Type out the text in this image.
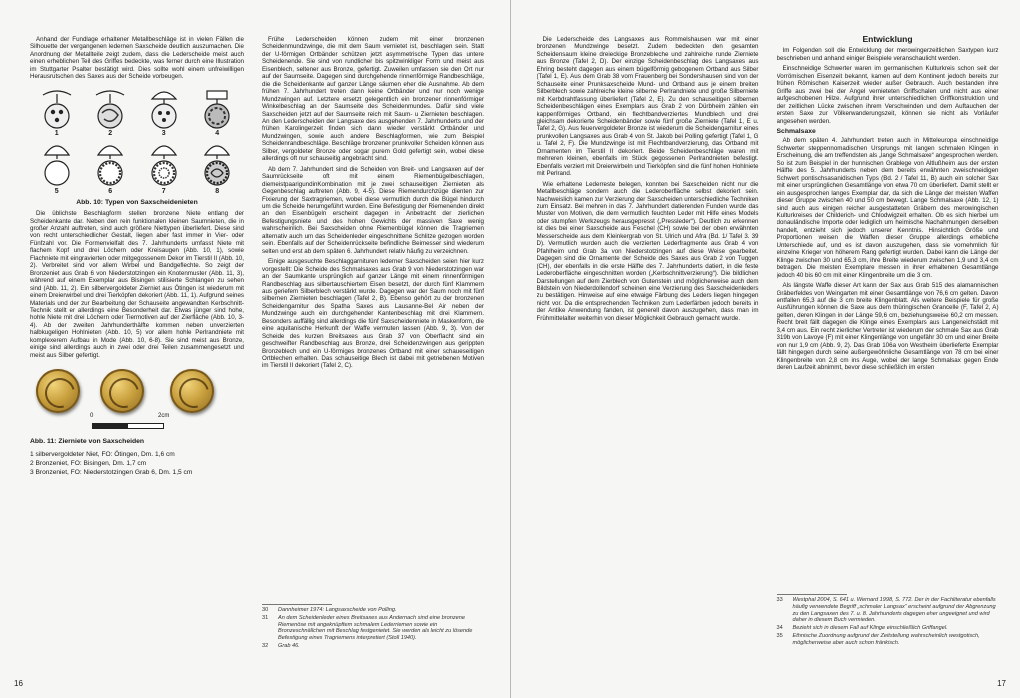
Anhand der Fundlage erhaltener Metallbeschläge ist in vielen Fällen die Silhouette der vergangenen ledernen Saxscheide deutlich auszumachen. Die Anordnung der Metallteile zeigt zudem, dass die Lederscheide meist auch einen erheblichen Teil des Griffes bedeckte, was ferner durch eine Illustration im Stuttgarter Psalter bestätigt wird. Dies sollte wohl einem unfreiwilligen Herausrutschen des Saxes aus der Scheide vorbeugen.

1	2	3	4
5	6	7	8
Abb. 10: Typen von Saxscheidenieten

Die üblichste Beschlagform stellen bronzene Niete entlang der Scheidenkante dar. Neben den rein funktionalen kleinen Saumnieten, die in großer Anzahl auftreten, sind auch größere Niettypen überliefert. Diese sind von recht unterschiedlicher Gestalt, liegen aber fast immer in Vier- oder Fünfzahl vor. Die Formenvielfalt des 7. Jahrhunderts umfasst Niete mit flachem Kopf und drei Löchern oder Kreisaugen (Abb. 10, 1), sowie Flachniete mit eingravierten oder mitgegossenem Dekor im Tierstil II (Abb. 10, 2). Verbreitet sind vor allem Wirbel und Bandgeflechte. So zeigt der Bronzeniet aus Grab 6 von Niederstotzingen ein Knotenmuster (Abb. 11, 3), während auf einem Exemplar aus Bisingen stilisierte Schlangen zu sehen sind (Abb. 11, 2). Ein silbervergoldeter Zierniet aus Ötingen ist wiederum mit einem Dreierwirbel und drei Tierköpfen dekoriert (Abb. 11, 1). Aufgrund seines Materials und der zur Bearbeitung der Schauseite angewandten Kerbschnitt-Technik stellt er allerdings eine Besonderheit dar. Etwas jünger sind hohe, hohle Niete mit drei Löchern oder Tiermotiven auf der Zierfläche (Abb. 10, 3-4). Ab der zweiten Jahrhunderthälfte kommen neben unverzierten halbkugeligen Hohlnieten (Abb. 10, 5) vor allem hohle Perlrandniete mit komplexerem Aufbau in Mode (Abb. 10, 6-8). Sie sind meist aus Bronze, einige sind allerdings auch in zwei oder drei Teilen zusammengesetzt und meist aus Silber gefertigt.

0	2cm
Abb. 11: Zierniete von Saxscheiden
1 silbervergoldeter Niet, FO: Ötingen, Dm. 1,6 cm
2 Bronzeniet, FO: Bisingen, Dm. 1,7 cm
3 Bronzeniet, FO: Niederstotzingen Grab 6, Dm. 1,5 cm

Frühe Lederscheiden können zudem mit einer bronzenen Scheidenmundzwinge, die mit dem Saum vernietet ist, beschlagen sein. Statt der U-förmigen Ortbänder schützen jetzt asymmetrische Typen das untere Scheidenende. Sie sind von rundlicher bis spitzwinkliger Form und meist aus Eisenblech, seltener aus Bronze, gefertigt. Zuweilen umfassen sie den Ort nur auf der Saumseite. Dagegen sind durchgehende rinnenförmige Randbeschläge, die die Scheidenkante auf ganzer Länge säumen eher die Ausnahme. Ab dem frühen 7. Jahrhundert treten dann keine Ortbänder und nur noch wenige Mundzwingen auf. Letztere ersetzt gelegentlich ein bronzener rinnenförmiger Winkelbeschlag an der Saumseite des Scheidenmundes. Dafür sind viele Saxscheiden jetzt auf der Saumseite reich mit Saum- u Ziernieten beschlagen. An den Lederscheiden der Langsaxe des ausgehenden 7. Jahrhunderts und der frühen Karolingerzeit finden sich dann wieder verstärkt Ortbänder und Mundzwingen, sowie auch andere Beschlagformen, wie zum Beispiel Scheidenrandbeschläge. Beschläge bronzener prunkvoller Scheiden können aus Silber, vergoldeter Bronze oder sogar purem Gold gefertigt sein, wobei diese allerdings oft nur schauseitig angebracht sind.

Ab dem 7. Jahrhundert sind die Scheiden von Breit- und Langsaxen auf der Saumrückseite oft mit einem Riemenbügelbeschlagen, diemeistpaarigundinKombination mit je zwei schauseitigen Ziernieten als Gegenbeschlag auftreten (Abb. 9, 4-5). Diese Riemendurchzüge dienten zur Fixierung der Saxtragriemen, wobei diese vermutlich durch die Bügel hindurch um die Scheide herumgeführt wurden. Eine Befestigung der Riemenenden direkt an den Eisenbügeln erscheint dagegen in Anbetracht der zierlichen Befestigungsniete und des hohen Gewichts der massiven Saxe wenig wahrscheinlich. Bei Saxscheiden ohne Riemenbügel können die Tragriemen alternativ auch um das Scheidenleder eingeschnittene Schlitze gezogen worden sein. Ebenfalls auf der Scheidenrückseite befindliche Beimesser sind wiederum selten und erst ab dem späten 6. Jahrhundert relativ häufig zu verzeichnen.

Einige ausgesuchte Beschlaggarnituren lederner Saxscheiden seien hier kurz vorgestellt: Die Scheide des Schmalsaxes aus Grab 9 von Niederstotzingen war an der Saumkante ursprünglich auf ganzer Länge mit einem rinnenförmigen Randbeschlag aus silbertauschiertem Eisen besetzt, der durch fünf Klammern aus geriefem Silberblech verstärkt wurde. Dagegen war der Saum noch mit fünf silbernen Ziernieten beschlagen (Tafel 2, B). Ebenso gehört zu der bronzenen Scheidengarnitur des Spatha Saxes aus Lausanne-Bel Air neben der Mundzwinge auch ein durchgehender Kantenbeschlag mit drei Klammern. Besonders auffällig sind allerdings die fünf Saxscheidenniete in Maskenform, die eine aquitanische Herkunft der Waffe vermuten lassen (Abb. 9, 3). Von der Scheide des kurzen Breitsaxes aus Grab 37 von Oberflacht sind ein geschweifter Randbeschlag aus Bronze, drei Scheidenzwingen aus gerippten Bronzeblech und ein U-förmiges bronzenes Ortband mit einer schaueseitigen Ortblechen erhalten. Das schauseitige Blech ist dabei mit getriebenen Motiven im Tierstil II dekoriert (Tafel 2, C).

30	Dannheimer 1974: Langsaxscheide von Polling.
31	An dem Scheidenleder eines Breitsaxes aus Andernach sind eine bronzene Riemenöse mit angeknüpftem schmalem Lederriemen sowie ein Bronzeschnällchen mit Beschlag festgenietet. Sie werden als leicht zu lösende Befestigung eines Tragriemens interpretiert (Stoll 1940).
32	Grab 46.
16

Die Lederscheide des Langsaxes aus Rommelshausen war mit einer bronzenen Mundzwinge besetzt. Zudem bedeckten den gesamten Scheidensaum kleine dreieckige Bronzebleche und zahlreiche runde Zierniete aus Bronze (Tafel 2, D). Der einzige Scheidenbeschlag des Langsaxes aus Ehring besteht dagegen aus einem bügelförmig gebogenem Ortband aus Silber (Tafel 1, E). Aus dem Grab 38 vom Frauenberg bei Sondershausen sind von der Schauseite einer Prunksaxscheide Mund- und Ortband aus je einem breiten Silberblech sowie zahlreiche kleine silberne Perlrandniete und große Silberniete mit Kerbdrahtfassung überliefert (Tafel 2, E). Zu den schauseitigen silbernen Scheidenbeschlägen eines Exemplars aus Grab 2 von Dürbheim zählen ein kappenförmiges Ortband, ein flechtbandverziertes Mundblech und drei gleichsam dekorierte Scheidenbänder sowie fünf große Zierniete (Tafel 1, E u. Tafel 2, G). Aus feuervergoldeter Bronze ist wiederum die Scheidengarnitur eines prunkvollen Langsaxes aus Grab 4 von St. Jakob bei Polling gefertigt (Tafel 1, G u. Tafel 2, F). Die Mundzwinge ist mit Flechtbandverzierung, das Ortband mit Ornamenten im Tierstil II dekoriert. Beide Scheidenbeschläge waren mit mehreren kleinen, ebenfalls im Stück gegossenen Perlrandnieten befestigt. Ebenfalls verziert mit Dreierwirbeln und Tierköpfen sind die fünf hohen Hohlniete mit Perlrand.

Wie erhaltene Lederreste belegen, konnten bei Saxscheiden nicht nur die Metallbeschläge sondern auch die Lederoberfläche selbst dekoriert sein. Nachweislich kamen zur Verzierung der Saxscheiden unterschiedliche Techniken zum Einsatz. Bei mehren in das 7. Jahrhundert datierenden Funden wurde das Muster von Motiven, die dem vermutlich feuchten Leder mit Hilfe eines Models oder stumpfen Werkzeugs herausgepresst („Pressleder“). Deutlich zu erkennen ist dies bei einer Saxscheide aus Feschel (CH) sowie bei der oben erwähnten Messerscheide aus dem Kleinkergrab von St. Ulrich und Afra (Bd. 1/ Tafel 3. 39 D). Vermutlich wurden auch die verzierten Lederfragmente aus Grab 4 von Pfahlheim und Grab 3a von Niederstotzingen auf diese Weise gearbeitet. Dagegen sind die Ornamente der Scheide des Saxes aus Grab 2 von Tuggen (CH), der ebenfalls in die erste Hälfte des 7. Jahrhunderts datiert, in die feste Lederoberfläche eingeschnitten worden („Kerbschnittverzierung“). Die bildlichen Darstellungen auf dem Zierblech von Gutenstein und möglicherweise auch dem Bildstein von Niederdollendorf scheinen eine Verzierung des Saxscheidenleders zu bestätigen. Hinweise auf eine etwaige Färbung des Leders liegen hingegen nicht vor. Da die entsprechenden Techniken zum Lederfärben jedoch bereits in der Antike Anwendung fanden, ist generell davon auszugehen, dass man im Frühmittelalter weiterhin von dieser Möglichkeit Gebrauch gemacht wurde.

Entwicklung

Im Folgenden soll die Entwicklung der merowingerzeitlichen Saxtypen kurz beschrieben und anhand einiger Beispiele veranschaulicht werden.

Einschneidige Schwerter waren im germanischen Kulturkreis schon seit der Vorrömischen Eisenzeit bekannt, kamen auf dem Kontinent jedoch bereits zur frühen Römischen Kaiserzeit wieder außer Gebrauch. Auch bestanden ihre Griffe aus zwei bei der Angel vernieteten Griffschalen und nicht aus einer aufgeschobenen Hilze. Aufgrund ihrer unterschiedlichen Griffkonstruktion und der zeitlichen Lücke zwischen ihrem Verschwinden und dem Auftauchen der ersten Saxe zur Völkerwanderungszeit, können sie nicht als Vorläufer angesehen werden.

Schmalsaxe

Ab dem späten 4. Jahrhundert treten auch in Mitteleuropa einschneidige Schwerter steppennomadischen Ursprungs mit langen schmalen Klingen in Erscheinung, die am treffendsten als „lange Schmalsaxe“ angesprochen werden. So ist zum Beispiel in der hunnischen Grablege von Altlußheim aus der ersten Hälfte des 5. Jahrhunderts neben dem bereits erwähnten zweischneidigen Schwert pontischsasanidischen Typs (Bd. 2 / Tafel 11, B) auch ein solcher Sax mit einer ursprünglichen Gesamtlänge von etwa 70 cm überliefert. Damit stellt er ein ausgesprochen langes Exemplar dar, da sich die Länge der meisten Waffen dieser Gruppe zwischen 40 und 50 cm bewegt. Lange Schmalsaxe (Abb. 12, 1) sind auch aus einigen reicher ausgestatteten Gräbern des merowingischen Kulturkreises der Childerich- und Chlodwigzeit erhalten. Ob es sich hierbei um donauländische Importe oder lediglich um heimische Nachahmungen derselben handelt, entzieht sich jedoch unserer Kenntnis. Hinsichtlich Größe und Proportionen weisen die Waffen dieser Gruppe allerdings erhebliche Unterschiede auf, und es ist davon auszugehen, dass sie vornehmlich für einzelne Krieger von höherem Rang gefertigt wurden. Dabei kann die Länge der Klinge zwischen 30 und 65,3 cm, ihre Breite wiederum zwischen 1,9 und 3,4 cm betragen. Die meisten Exemplare messen in ihrer erhaltenen Gesamtlänge jedoch 40 bis 60 cm mit einer Klingenbreite um die 3 cm.

Als längste Waffe dieser Art kann der Sax aus Grab 515 des alamannischen Gräberfeldes von Weingarten mit einer Gesamtlänge von 76,6 cm gelten. Davon entfallen 65,3 auf die 3 cm breite Klingenblatt. Als weitere Beispiele für große Ausführungen können die Saxe aus dem thüringischen Grancelle (F, Tafel 2, A) gelten, deren Klingen in der Länge 59,6 cm, beziehungsweise 60,2 cm messen. Recht breit fällt dagegen die Klinge eines Exemplars aus Langeneichstädt mit 3,4 cm aus. Ein recht zierlicher Vertreter ist wiederum der schmale Sax aus Grab 319b von Lavoye (F) mit einer Klingenlänge von ungefähr 30 cm und einer Breite von nur 1,9 cm (Abb. 9, 2). Das Grab 106a von Westheim überlieferte Exemplar fällt hingegen durch seine außergewöhnliche Gesamtlänge von 78 cm bei einer Klingenbreite von 2,8 cm ins Auge, wobei der lange Schmalsax gegen Ende deren Laufzeit abnimmt, bevor diese schließlich im ersten

33	Westphal 2004, S. 641 u. Wernard 1998, S. 772. Der in der Fachliteratur ebenfalls häufig verwendete Begriff „schmaler Langsax“ erscheint aufgrund der Abgrenzung zu den Langsaxen des 7. u. 8. Jahrhunderts dagegen eher ungeeignet und wird daher in diesem Buch vermieden.
34	Bezieht sich in diesem Fall auf Klinge einschließlich Griffangel.
35	Ethnische Zuordnung aufgrund der Zeitstellung wahrscheinlich westgotisch, möglicherweise aber auch schon fränkisch.
17
